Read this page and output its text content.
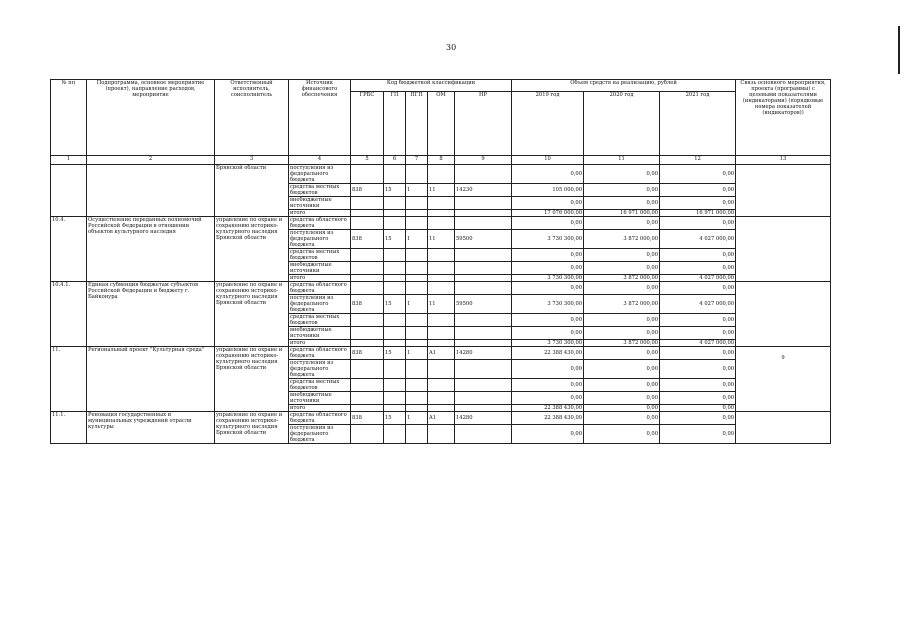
30
№ пп	Подпрограмма, основное мероприятие (проект), направление расходов, мероприятие	Ответственный исполнитель, соисполнитель	Источник финансового обеспечения	Код бюджетной классификации					Объем средств на реализацию, рублей			Связь основного мероприятия, проекта (программы) с целевыми показателями (индикаторами) (порядковые номера показателей (индикаторов))
				ГРБС	ГП	ПГП	ОМ	НР	2019 год	2020 год	2021 год	
1	2	3	4	5	6	7	8	9	10	11	12	13
		Брянской области	поступления из федерального бюджета						0,00	0,00	0,00	
			средства местных бюджетов	838	15	1	11	14230	105 000,00	0,00	0,00	
			внебюджетные источники						0,00	0,00	0,00	
			итого						17 076 000,00	16 971 000,00	16 971 000,00	
10.4.	Осуществление переданных полномочий Российской Федерации в отношении объектов культурного наследия	управление по охране и сохранению историко-культурного наследия Брянской области	средства областного бюджета						0,00	0,00	0,00	
			поступления из федерального бюджета	838	15	1	11	59500	3 730 300,00	3 872 000,00	4 027 000,00	
			средства местных бюджетов						0,00	0,00	0,00	
			внебюджетные источники						0,00	0,00	0,00	
			итого						3 730 300,00	3 872 000,00	4 027 000,00	
10.4.1.	Единая субвенция бюджетам субъектов Российской Федерации и бюджету г. Байконура	управление по охране и сохранению историко-культурного наследия Брянской области	средства областного бюджета						0,00	0,00	0,00	
			поступления из федерального бюджета	838	15	1	11	59500	3 730 300,00	3 872 000,00	4 027 000,00	
			средства местных бюджетов						0,00	0,00	0,00	
			внебюджетные источники						0,00	0,00	0,00	
			итого						3 730 300,00	3 872 000,00	4 027 000,00	
11.	Региональный проект "Культурная среда"	управление по охране и сохранению историко-культурного наследия Брянской области	средства областного бюджета	838	15	1	A1	14280	22 388 430,00	0,00	0,00	9
			поступления из федерального бюджета						0,00	0,00	0,00	
			средства местных бюджетов						0,00	0,00	0,00	
			внебюджетные источники						0,00	0,00	0,00	
			итого						22 388 430,00	0,00	0,00	
11.1.	Реновация государственных и муниципальных учреждений отрасли культуры	управление по охране и сохранению историко-культурного наследия Брянской области	средства областного бюджета	838	15	1	A1	14280	22 388 430,00	0,00	0,00	
			поступления из федерального бюджета						0,00	0,00	0,00	
